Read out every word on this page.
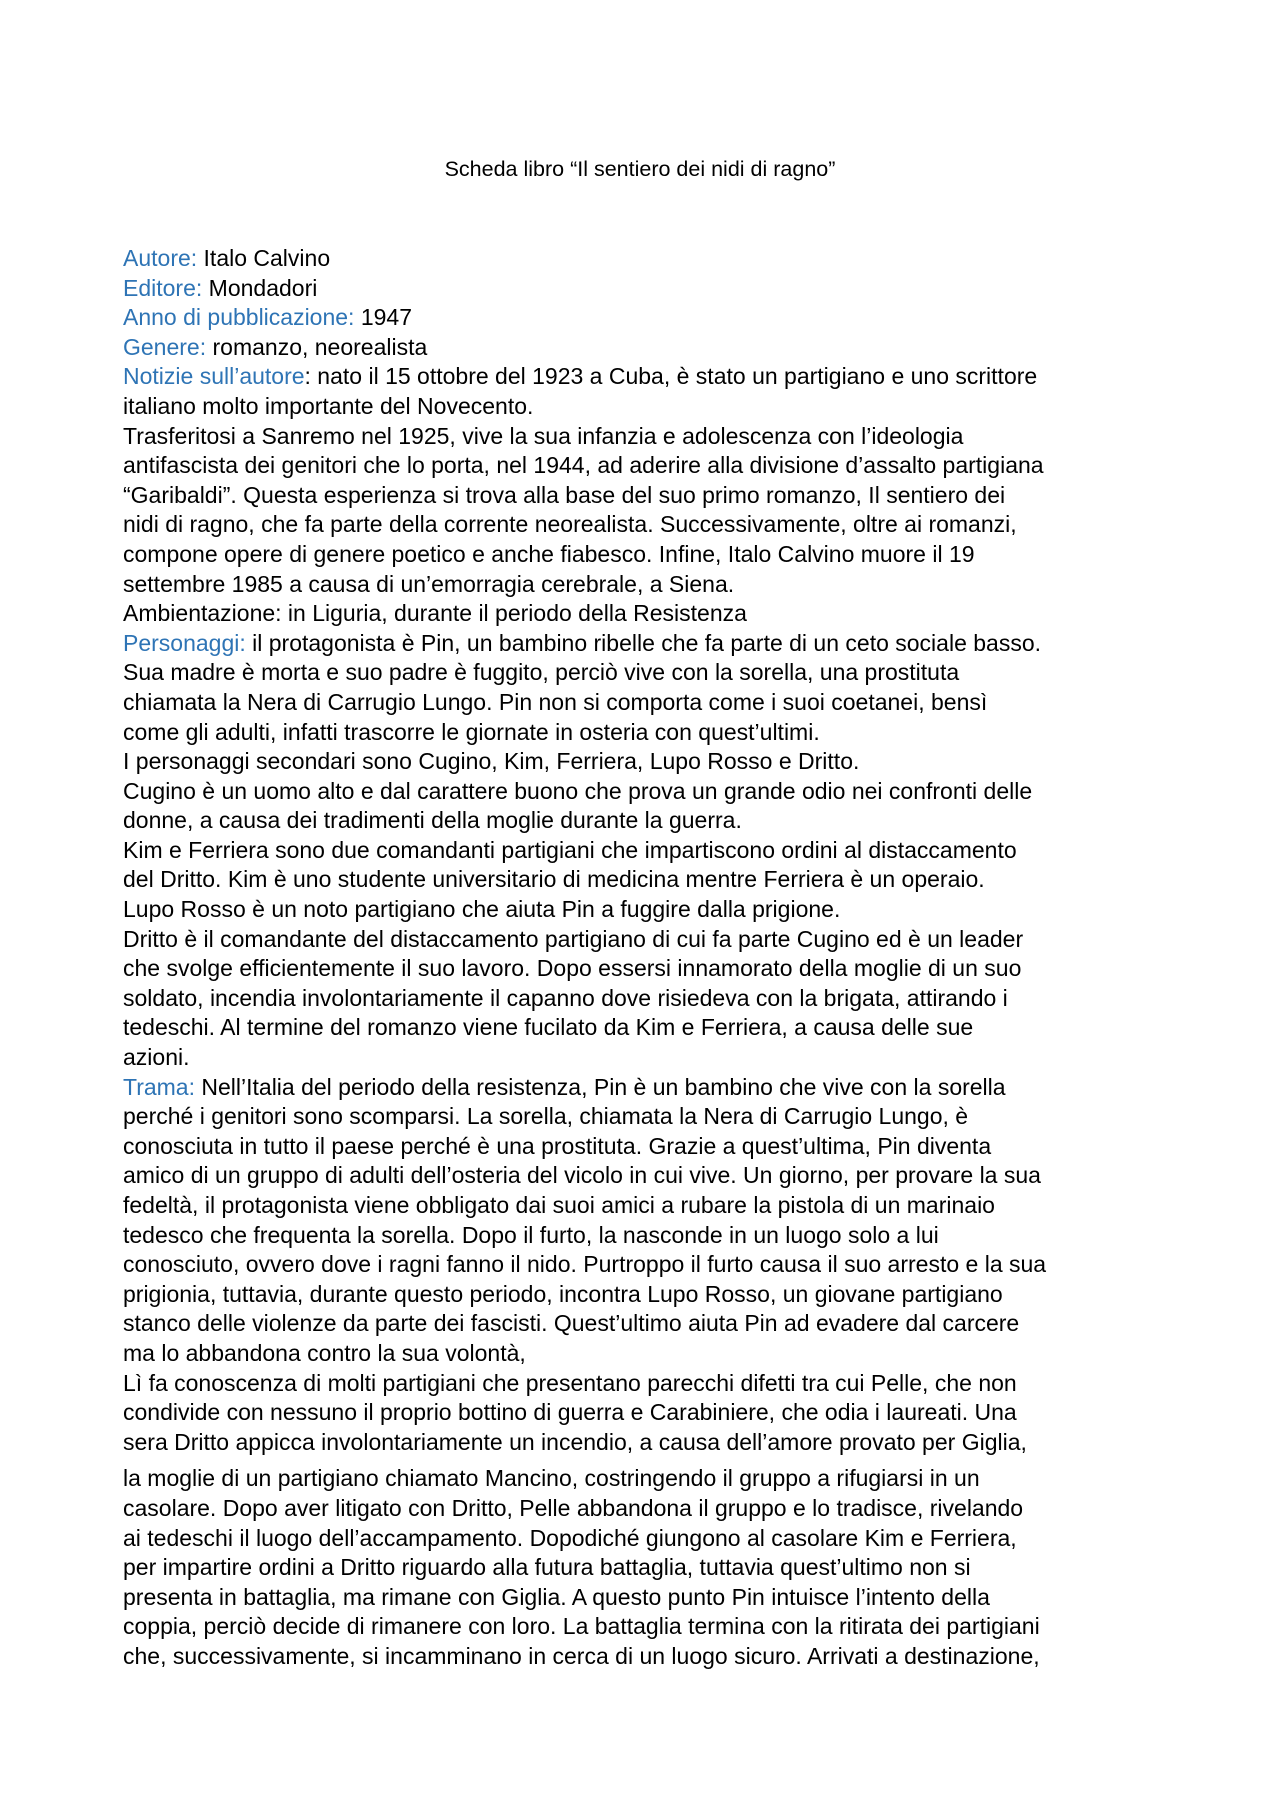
Scheda libro “Il sentiero dei nidi di ragno”
Autore: Italo Calvino
Editore: Mondadori
Anno di pubblicazione: 1947
Genere: romanzo, neorealista
Notizie sull’autore: nato il 15 ottobre del 1923 a Cuba, è stato un partigiano e uno scrittore
italiano molto importante del Novecento.
Trasferitosi a Sanremo nel 1925, vive la sua infanzia e adolescenza con l’ideologia
antifascista dei genitori che lo porta, nel 1944, ad aderire alla divisione d’assalto partigiana
“Garibaldi”. Questa esperienza si trova alla base del suo primo romanzo, Il sentiero dei
nidi di ragno, che fa parte della corrente neorealista. Successivamente, oltre ai romanzi,
compone opere di genere poetico e anche fiabesco. Infine, Italo Calvino muore il 19
settembre 1985 a causa di un’emorragia cerebrale, a Siena.
Ambientazione: in Liguria, durante il periodo della Resistenza
Personaggi: il protagonista è Pin, un bambino ribelle che fa parte di un ceto sociale basso.
Sua madre è morta e suo padre è fuggito, perciò vive con la sorella, una prostituta
chiamata la Nera di Carrugio Lungo. Pin non si comporta come i suoi coetanei, bensì
come gli adulti, infatti trascorre le giornate in osteria con quest’ultimi.
I personaggi secondari sono Cugino, Kim, Ferriera, Lupo Rosso e Dritto.
Cugino è un uomo alto e dal carattere buono che prova un grande odio nei confronti delle
donne, a causa dei tradimenti della moglie durante la guerra.
Kim e Ferriera sono due comandanti partigiani che impartiscono ordini al distaccamento
del Dritto. Kim è uno studente universitario di medicina mentre Ferriera è un operaio.
Lupo Rosso è un noto partigiano che aiuta Pin a fuggire dalla prigione.
Dritto è il comandante del distaccamento partigiano di cui fa parte Cugino ed è un leader
che svolge efficientemente il suo lavoro. Dopo essersi innamorato della moglie di un suo
soldato, incendia involontariamente il capanno dove risiedeva con la brigata, attirando i
tedeschi. Al termine del romanzo viene fucilato da Kim e Ferriera, a causa delle sue
azioni.
Trama: Nell’Italia del periodo della resistenza, Pin è un bambino che vive con la sorella
perché i genitori sono scomparsi. La sorella, chiamata la Nera di Carrugio Lungo, è
conosciuta in tutto il paese perché è una prostituta. Grazie a quest’ultima, Pin diventa
amico di un gruppo di adulti dell’osteria del vicolo in cui vive. Un giorno, per provare la sua
fedeltà, il protagonista viene obbligato dai suoi amici a rubare la pistola di un marinaio
tedesco che frequenta la sorella. Dopo il furto, la nasconde in un luogo solo a lui
conosciuto, ovvero dove i ragni fanno il nido. Purtroppo il furto causa il suo arresto e la sua
prigionia, tuttavia, durante questo periodo, incontra Lupo Rosso, un giovane partigiano
stanco delle violenze da parte dei fascisti. Quest’ultimo aiuta Pin ad evadere dal carcere
ma lo abbandona contro la sua volontà,
Lì fa conoscenza di molti partigiani che presentano parecchi difetti tra cui Pelle, che non
condivide con nessuno il proprio bottino di guerra e Carabiniere, che odia i laureati. Una
sera Dritto appicca involontariamente un incendio, a causa dell’amore provato per Giglia,
la moglie di un partigiano chiamato Mancino, costringendo il gruppo a rifugiarsi in un
casolare. Dopo aver litigato con Dritto, Pelle abbandona il gruppo e lo tradisce, rivelando
ai tedeschi il luogo dell’accampamento. Dopodiché giungono al casolare Kim e Ferriera,
per impartire ordini a Dritto riguardo alla futura battaglia, tuttavia quest’ultimo non si
presenta in battaglia, ma rimane con Giglia. A questo punto Pin intuisce l’intento della
coppia, perciò decide di rimanere con loro. La battaglia termina con la ritirata dei partigiani
che, successivamente, si incamminano in cerca di un luogo sicuro. Arrivati a destinazione,
